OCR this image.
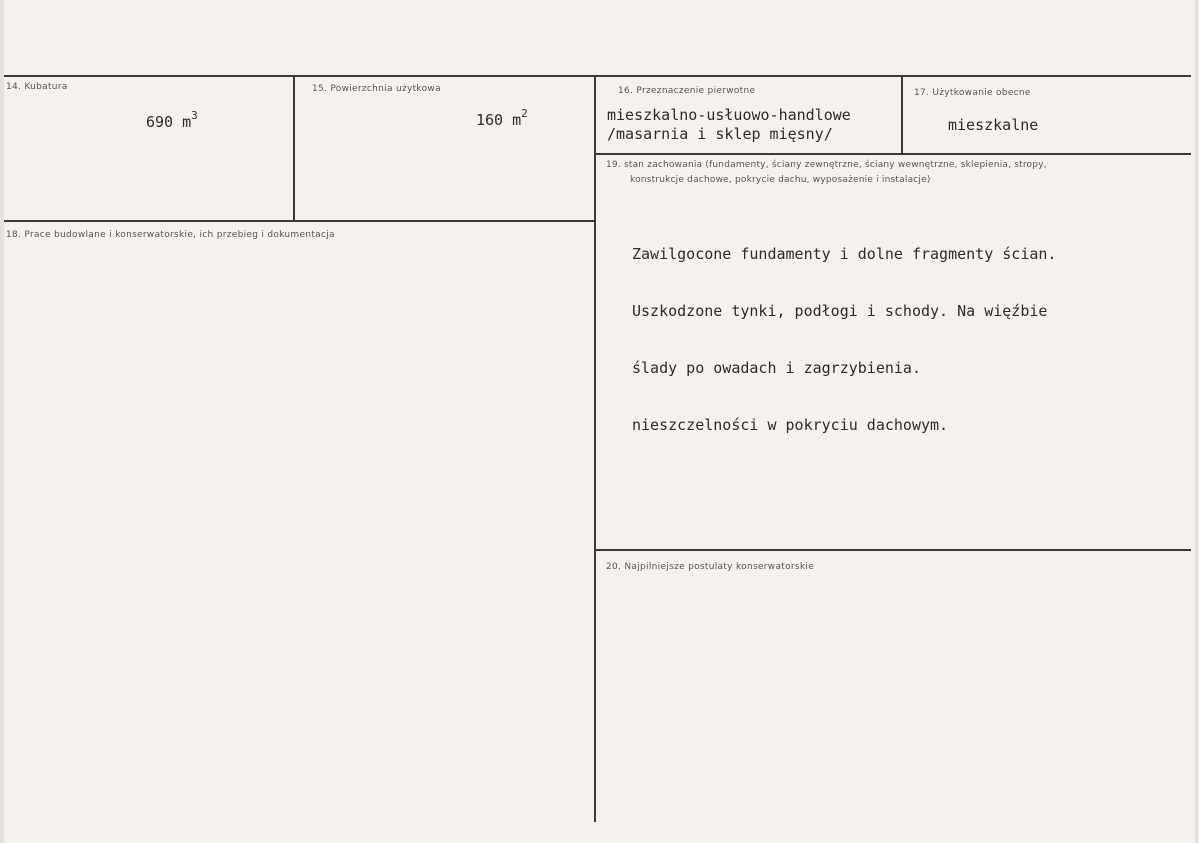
14. Kubatura
690 $m^3$
15. Powierzchnia użytkowa
160 $m^2$
16. Przeznaczenie pierwotne
mieszkalno-usłuowo-handlowe
/masarnia i sklep mięsny/
17. Użytkowanie obecne
mieszkalne
18. Prace budowlane i konserwatorskie, ich przebieg i dokumentacja
19. stan zachowania (fundamenty, ściany zewnętrzne, ściany wewnętrzne, sklepienia, stropy,
konstrukcje dachowe, pokrycie dachu, wyposażenie i instalacje)

Zawilgocone fundamenty i dolne fragmenty ścian.

Uszkodzone tynki, podłogi i schody. Na więźbie

ślady po owadach i zagrzybienia.

nieszczelności w pokryciu dachowym.

20. Najpilniejsze postulaty konserwatorskie
